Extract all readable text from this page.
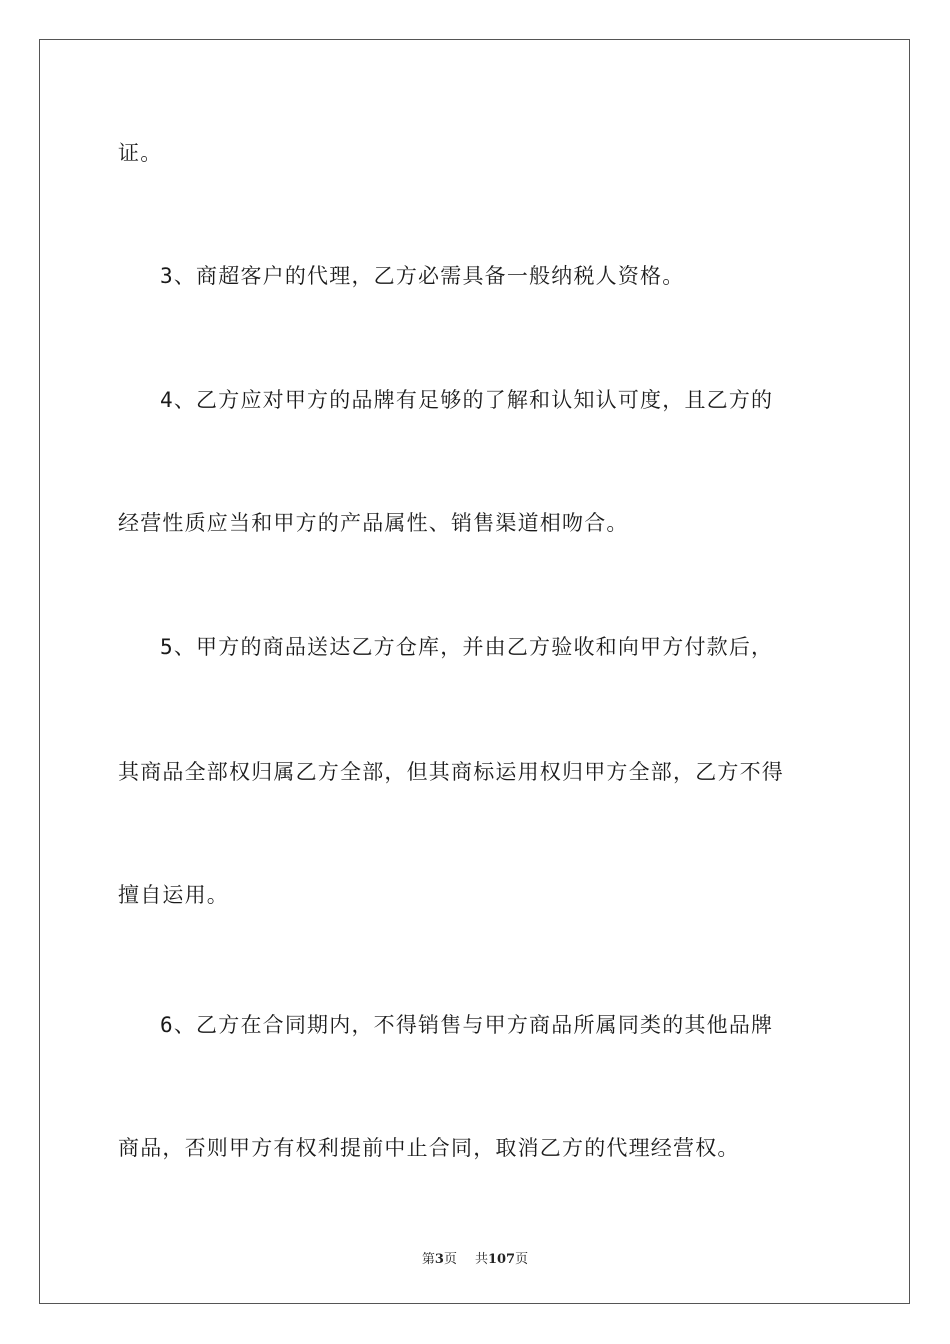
证。
3、商超客户的代理，乙方必需具备一般纳税人资格。
4、乙方应对甲方的品牌有足够的了解和认知认可度，且乙方的
经营性质应当和甲方的产品属性、销售渠道相吻合。
5、甲方的商品送达乙方仓库，并由乙方验收和向甲方付款后，
其商品全部权归属乙方全部，但其商标运用权归甲方全部，乙方不得
擅自运用。
6、乙方在合同期内，不得销售与甲方商品所属同类的其他品牌
商品，否则甲方有权利提前中止合同，取消乙方的代理经营权。
第3页 共107页
